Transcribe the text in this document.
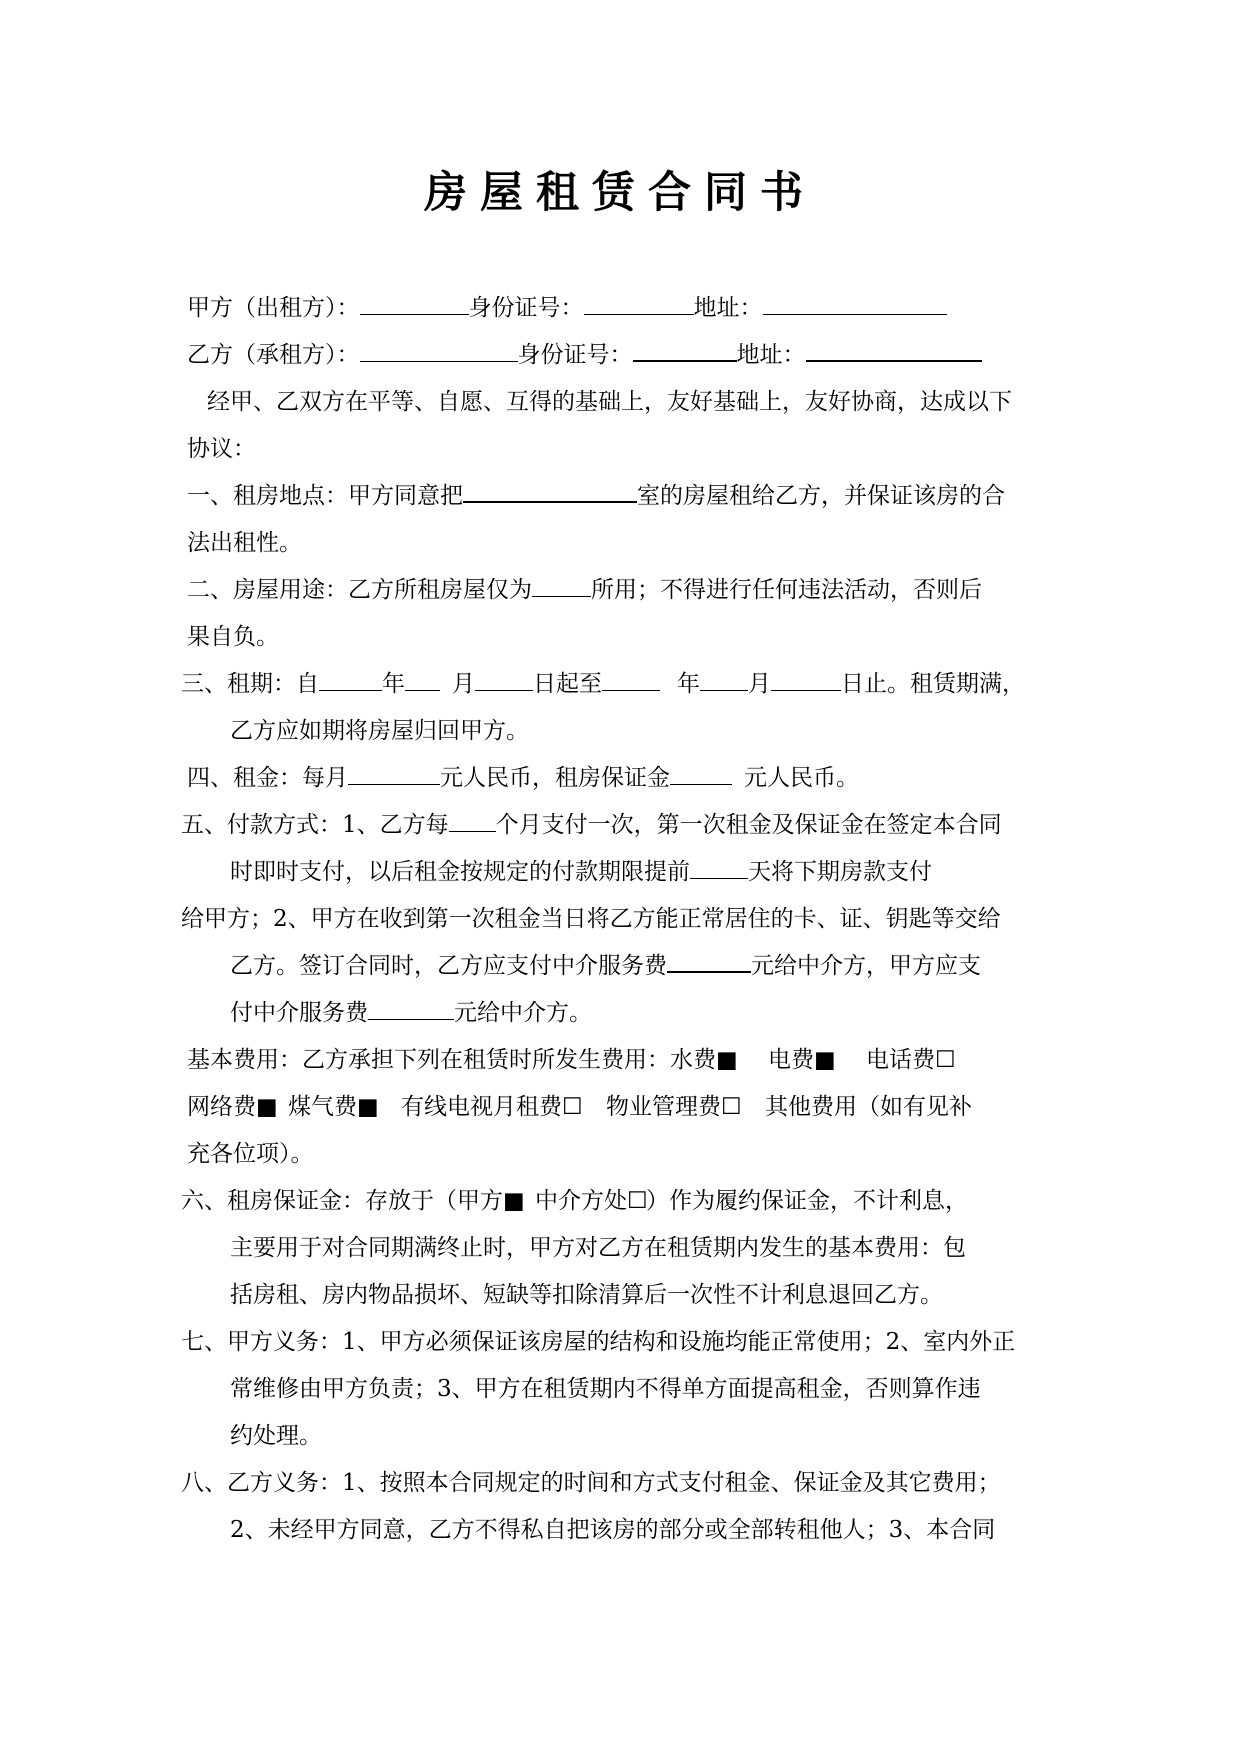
房屋租赁合同书
甲方（出租方）：	身份证号：	地址：
乙方（承租方）：	身份证号：	地址：
经甲、乙双方在平等、自愿、互得的基础上，友好基础上，友好协商，达成以下
协议：
一、租房地点：甲方同意把	室的房屋租给乙方，并保证该房的合
法出租性。
二、房屋用途：乙方所租房屋仅为	所用；不得进行任何违法活动，否则后
果自负。
三、租期：自	年 月	日起至	年 月	日止。租赁期满，
乙方应如期将房屋归回甲方。
四、租金：每月	元人民币，租房保证金	元人民币。
五、付款方式：1、乙方每 个月支付一次，第一次租金及保证金在签定本合同
时即时支付，以后租金按规定的付款期限提前	天将下期房款支付
给甲方；2、甲方在收到第一次租金当日将乙方能正常居住的卡、证、钥匙等交给
乙方。签订合同时，乙方应支付中介服务费	元给中介方，甲方应支
付中介服务费	元给中介方。
基本费用：乙方承担下列在租赁时所发生费用：水费■ 电费■ 电话费☐
网络费■ 煤气费■ 有线电视月租费☐ 物业管理费☐ 其他费用（如有见补
充各位项）。
六、租房保证金：存放于（甲方■ 中介方处☐）作为履约保证金，不计利息，
主要用于对合同期满终止时，甲方对乙方在租赁期内发生的基本费用：包
括房租、房内物品损坏、短缺等扣除清算后一次性不计利息退回乙方。
七、甲方义务：1、甲方必须保证该房屋的结构和设施均能正常使用；2、室内外正
常维修由甲方负责；3、甲方在租赁期内不得单方面提高租金，否则算作违
约处理。
八、乙方义务：1、按照本合同规定的时间和方式支付租金、保证金及其它费用；
2、未经甲方同意，乙方不得私自把该房的部分或全部转租他人；3、本合同
